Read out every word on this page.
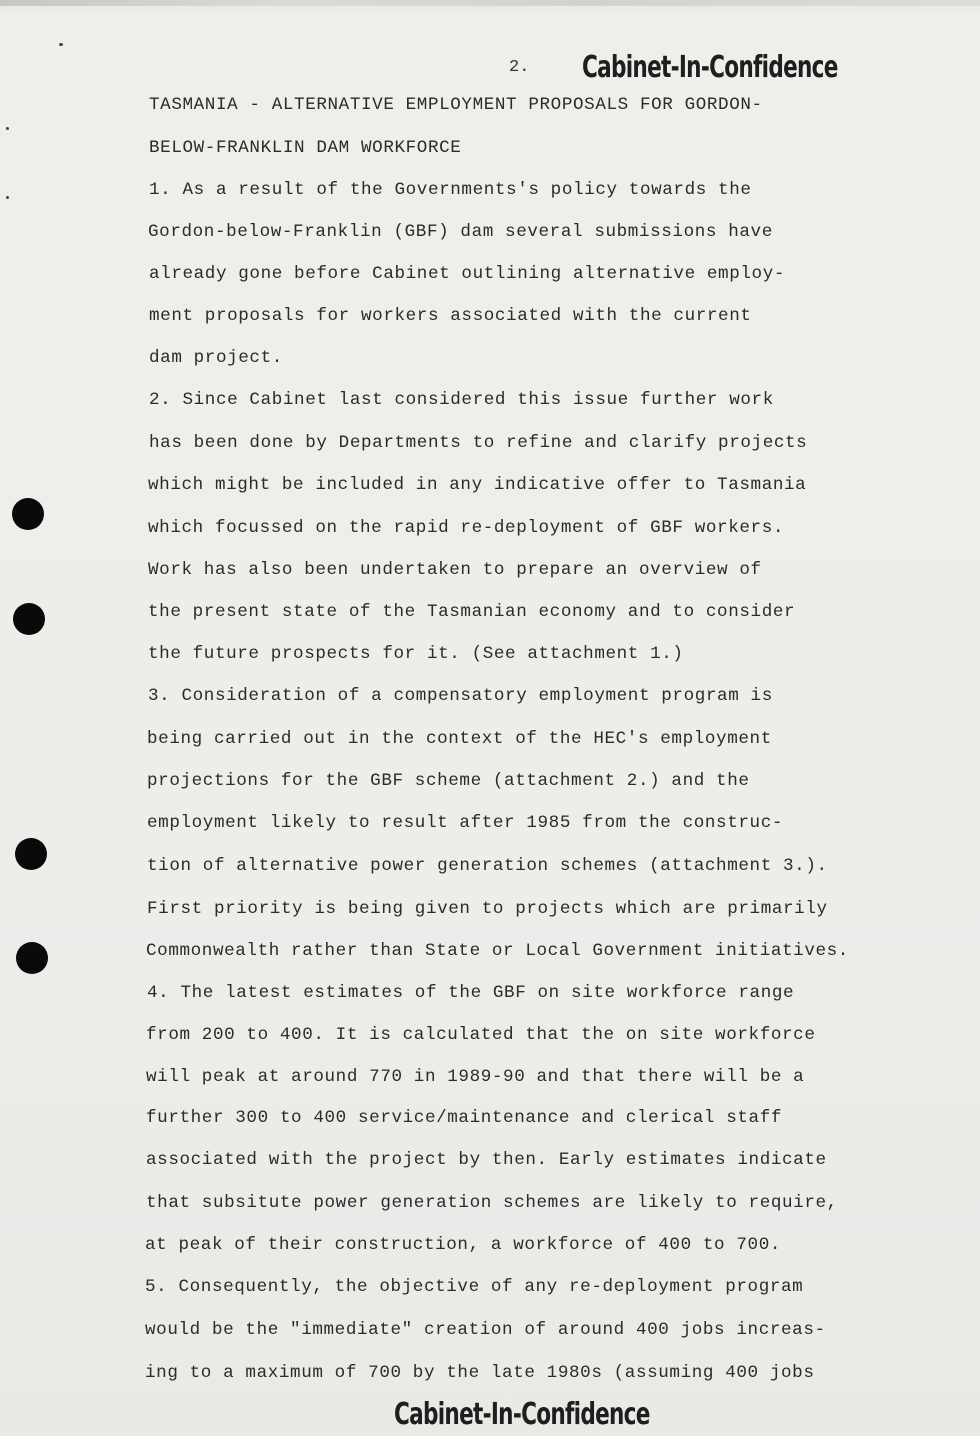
2. Cabinet-In-Confidence
TASMANIA - ALTERNATIVE EMPLOYMENT PROPOSALS FOR GORDON-
BELOW-FRANKLIN DAM WORKFORCE
1. As a result of the Governments's policy towards the
Gordon-below-Franklin (GBF) dam several submissions have
already gone before Cabinet outlining alternative employ-
ment proposals for workers associated with the current
dam project.
2. Since Cabinet last considered this issue further work
has been done by Departments to refine and clarify projects
which might be included in any indicative offer to Tasmania
which focussed on the rapid re-deployment of GBF workers.
Work has also been undertaken to prepare an overview of
the present state of the Tasmanian economy and to consider
the future prospects for it. (See attachment 1.)
3. Consideration of a compensatory employment program is
being carried out in the context of the HEC's employment
projections for the GBF scheme (attachment 2.) and the
employment likely to result after 1985 from the construc-
tion of alternative power generation schemes (attachment 3.).
First priority is being given to projects which are primarily
Commonwealth rather than State or Local Government initiatives.
4. The latest estimates of the GBF on site workforce range
from 200 to 400. It is calculated that the on site workforce
will peak at around 770 in 1989-90 and that there will be a
further 300 to 400 service/maintenance and clerical staff
associated with the project by then. Early estimates indicate
that subsitute power generation schemes are likely to require,
at peak of their construction, a workforce of 400 to 700.
5. Consequently, the objective of any re-deployment program
would be the "immediate" creation of around 400 jobs increas-
ing to a maximum of 700 by the late 1980s (assuming 400 jobs
Cabinet-In-Confidence
